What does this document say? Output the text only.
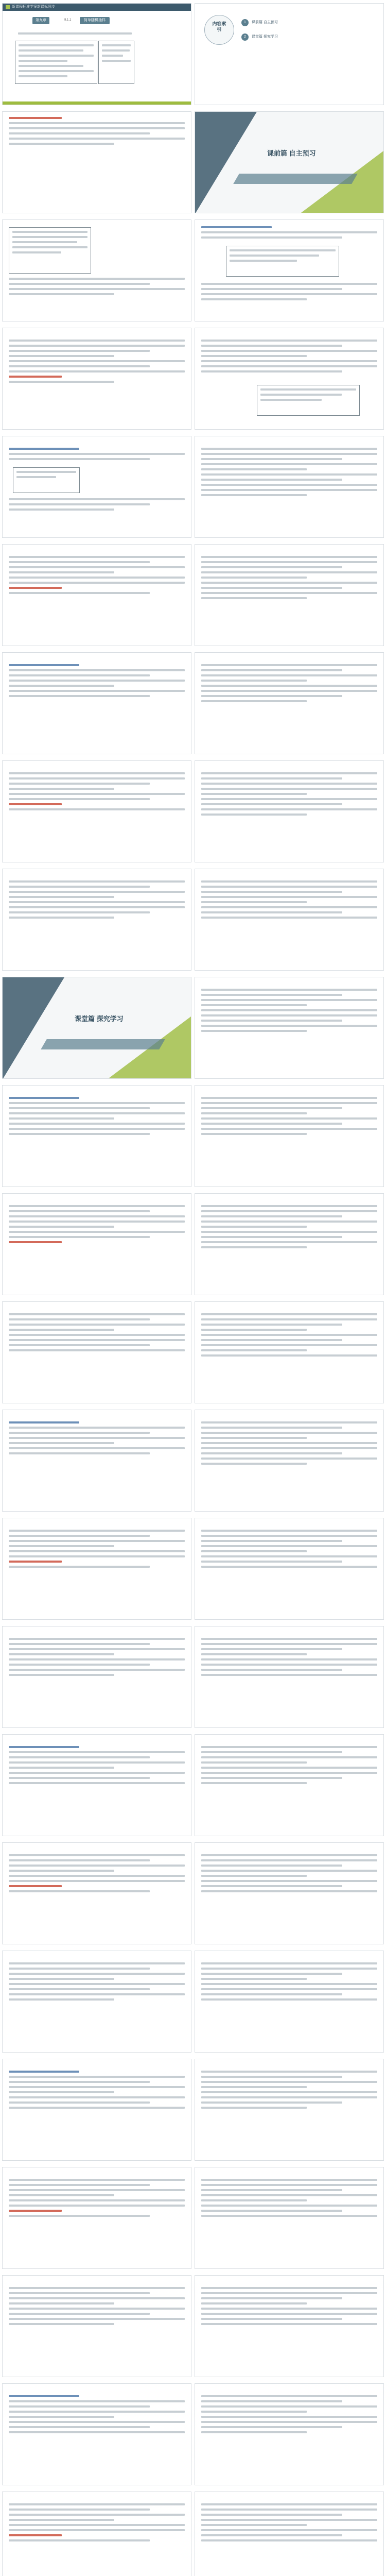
新课程标准学案新课标同步
第九章	9.1.1	简单随机抽样
内容索引
1 课前篇 自主预习
2 课堂篇 探究学习
课前篇 自主预习
课堂篇 探究学习
